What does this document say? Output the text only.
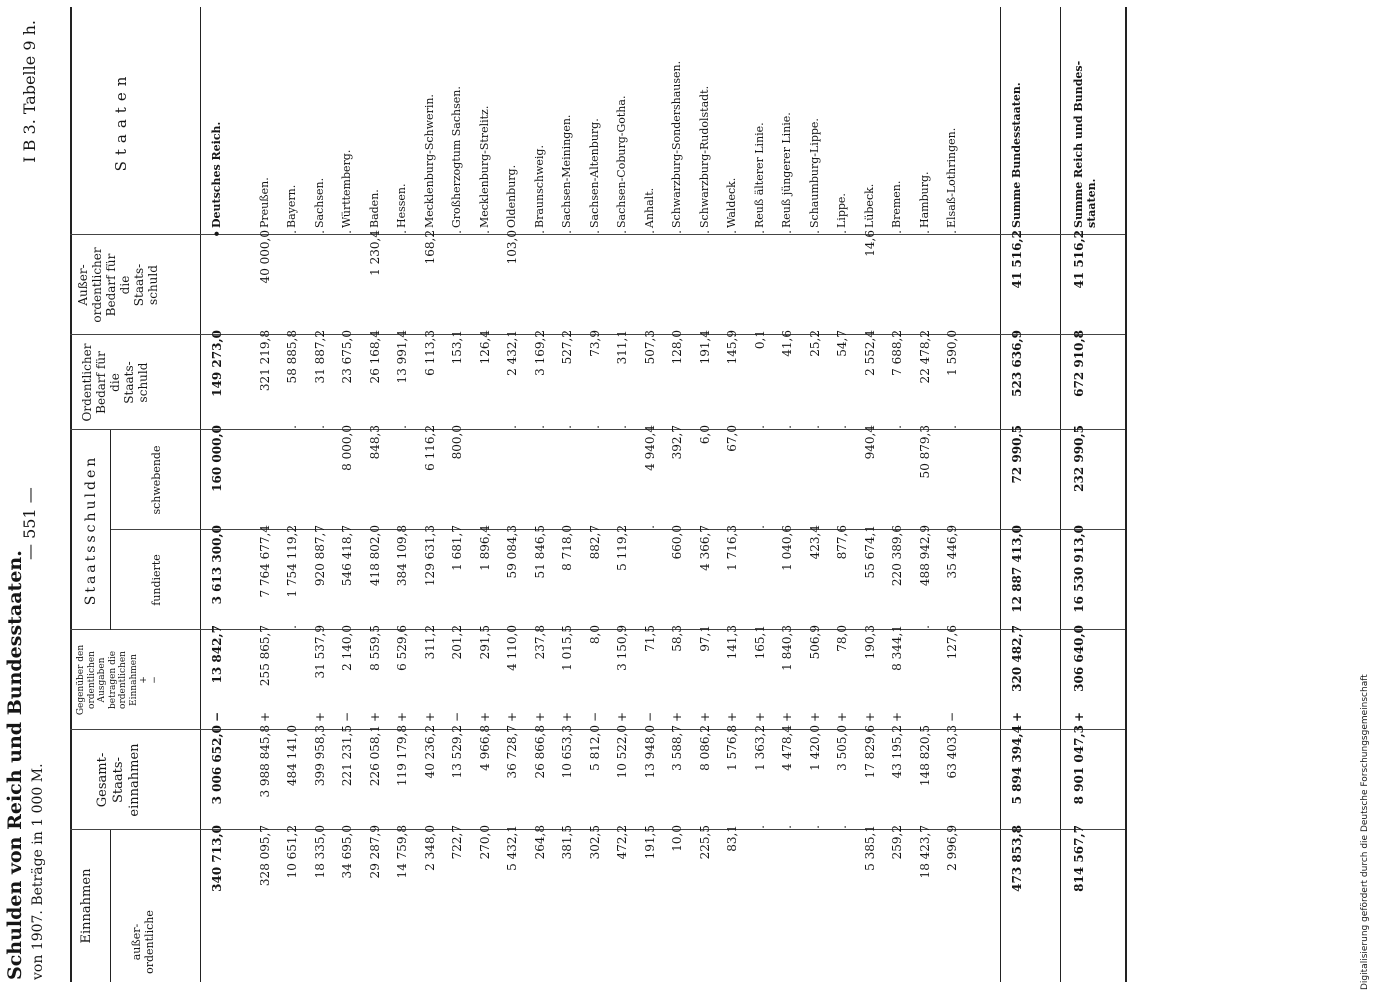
Schulden von Reich und Bundesstaaten. von 1907. Beträge in 1 000 M.
— 551 —
I B 3. Tabelle 9 h.
Digitalisierung gefördert durch die Deutsche Forschungsgemeinschaft
Einnahmen	außer-
ordentliche
Gesamt-
Staats-
einnahmen
Gegenüber den
ordentlichen
Ausgaben
betragen die
ordentlichen
Einnahmen
+
−
Staatsschulden	fundierte
schwebende
Ordentlicher
Bedarf für
die
Staats-
schuld
Außer-
ordentlicher
Bedarf für
die
Staats-
schuld
Staaten
340 713,0
3 006 652,0
13 842,7
3 613 300,0
160 000,0
149 273,0
•
−
Deutsches Reich.
328 095,7
3 988 845,8
255 865,7
7 764 677,4
321 219,8
40 000,0
+
Preußen.
10 651,2
484 141,0
.
1 754 119,2
.
58 885,8
.
Bayern.
18 335,0
399 958,3
31 537,9
920 887,7
.
31 887,2
.
+
Sachsen.
34 695,0
221 231,5
2 140,0
546 418,7
8 000,0
23 675,0
.
−
Württemberg.
29 287,9
226 058,1
8 559,5
418 802,0
848,3
26 168,4
1 230,4
+
Baden.
14 759,8
119 179,8
6 529,6
384 109,8
.
13 991,4
.
+
Hessen.
2 348,0
40 236,2
311,2
129 631,3
6 116,2
6 113,3
168,2
+
Mecklenburg-Schwerin.
722,7
13 529,2
201,2
1 681,7
800,0
153,1
.
−
Großherzogtum Sachsen.
270,0
4 966,8
291,5
1 896,4
126,4
.
+
Mecklenburg-Strelitz.
5 432,1
36 728,7
4 110,0
59 084,3
.
2 432,1
103,0
+
Oldenburg.
264,8
26 866,8
237,8
51 846,5
.
3 169,2
.
+
Braunschweig.
381,5
10 653,3
1 015,5
8 718,0
.
527,2
.
+
Sachsen-Meiningen.
302,5
5 812,0
8,0
882,7
.
73,9
.
−
Sachsen-Altenburg.
472,2
10 522,0
3 150,9
5 119,2
.
311,1
.
+
Sachsen-Coburg-Gotha.
191,5
13 948,0
71,5
.
4 940,4
507,3
.
−
Anhalt.
10,0
3 588,7
58,3
660,0
392,7
128,0
.
+
Schwarzburg-Sondershausen.
225,5
8 086,2
97,1
4 366,7
6,0
191,4
.
+
Schwarzburg-Rudolstadt.
83,1
1 576,8
141,3
1 716,3
67,0
145,9
.
+
Waldeck.
.
1 363,2
165,1
.
.
0,1
.
+
Reuß älterer Linie.
.
4 478,4
1 840,3
1 040,6
.
41,6
.
+
Reuß jüngerer Linie.
.
1 420,0
506,9
423,4
.
25,2
.
+
Schaumburg-Lippe.
.
3 505,0
78,0
877,6
.
54,7
.
+
Lippe.
5 385,1
17 829,6
190,3
55 674,1
940,4
2 552,4
14,6
+
Lübeck.
259,2
43 195,2
8 344,1
220 389,6
.
7 688,2
.
+
Bremen.
18 423,7
148 820,5
.
488 942,9
50 879,3
22 478,2
.
Hamburg.
2 996,9
63 403,3
127,6
35 446,9
.
1 590,0
.
−
Elsaß-Lothringen.
473 853,8
5 894 394,4
320 482,7
12 887 413,0
72 990,5
523 636,9
41 516,2
+
Summe Bundesstaaten.
814 567,7
8 901 047,3
306 640,0
16 530 913,0
232 990,5
672 910,8
41 516,2
+
Summe Reich und Bundes-
staaten.
